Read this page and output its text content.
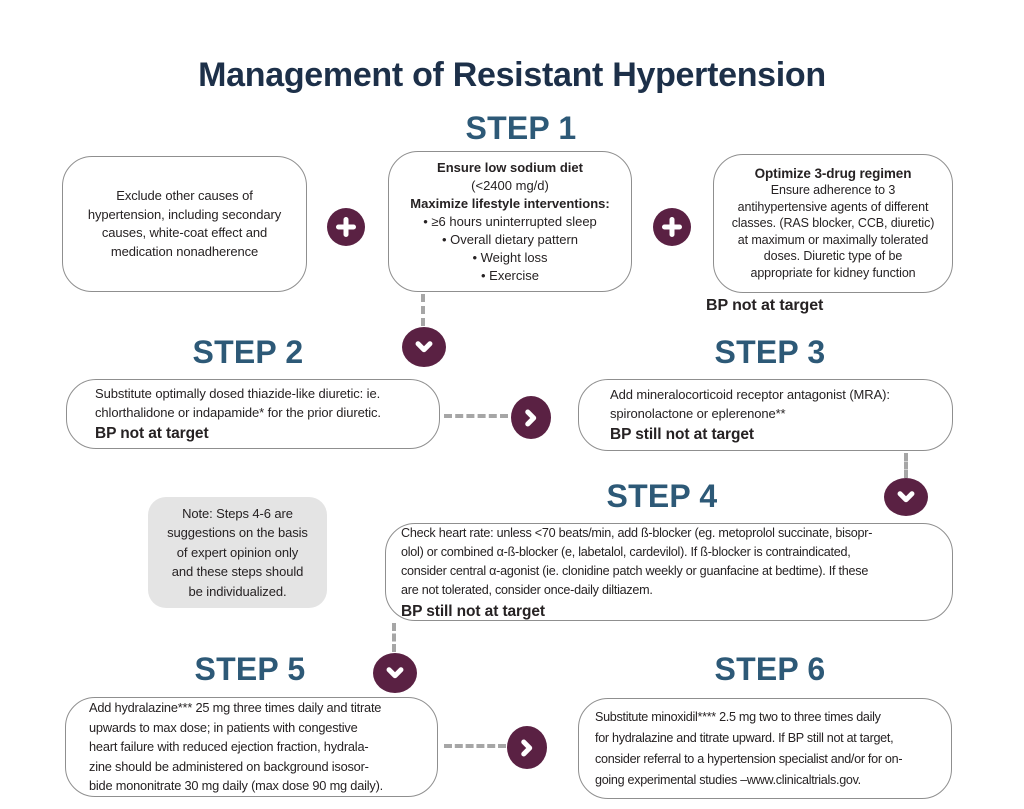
Management of Resistant Hypertension
STEP 1
STEP 2	STEP 3
STEP 4
STEP 5	STEP 6
Exclude other causes of
hypertension, including secondary
causes, white-coat effect and
medication nonadherence
Ensure low sodium diet
(<2400 mg/d)
Maximize lifestyle interventions:
• ≥6 hours uninterrupted sleep
• Overall dietary pattern
• Weight loss
• Exercise
Optimize 3-drug regimen
Ensure adherence to 3
antihypertensive agents of different
classes. (RAS blocker, CCB, diuretic)
at maximum or maximally tolerated
doses. Diuretic type of be
appropriate for kidney function
BP not at target
Substitute optimally dosed thiazide-like diuretic: ie.
chlorthalidone or indapamide* for the prior diuretic.
BP not at target
Add mineralocorticoid receptor antagonist (MRA):
spironolactone or eplerenone**
BP still not at target
Note: Steps 4-6 are
suggestions on the basis
of expert opinion only
and these steps should
be individualized.
Check heart rate: unless <70 beats/min, add ß-blocker (eg. metoprolol succinate, bisopr-
olol) or combined α-ß-blocker (e, labetalol, cardevilol). If ß-blocker is contraindicated,
consider central α-agonist (ie. clonidine patch weekly or guanfacine at bedtime). If these
are not tolerated, consider once-daily diltiazem.
BP still not at target
Add hydralazine*** 25 mg three times daily and titrate
upwards to max dose; in patients with congestive
heart failure with reduced ejection fraction, hydrala-
zine should be administered on background isosor-
bide mononitrate 30 mg daily (max dose 90 mg daily).
Substitute minoxidil**** 2.5 mg two to three times daily
for hydralazine and titrate upward. If BP still not at target,
consider referral to a hypertension specialist and/or for on-
going experimental studies –www.clinicaltrials.gov.
